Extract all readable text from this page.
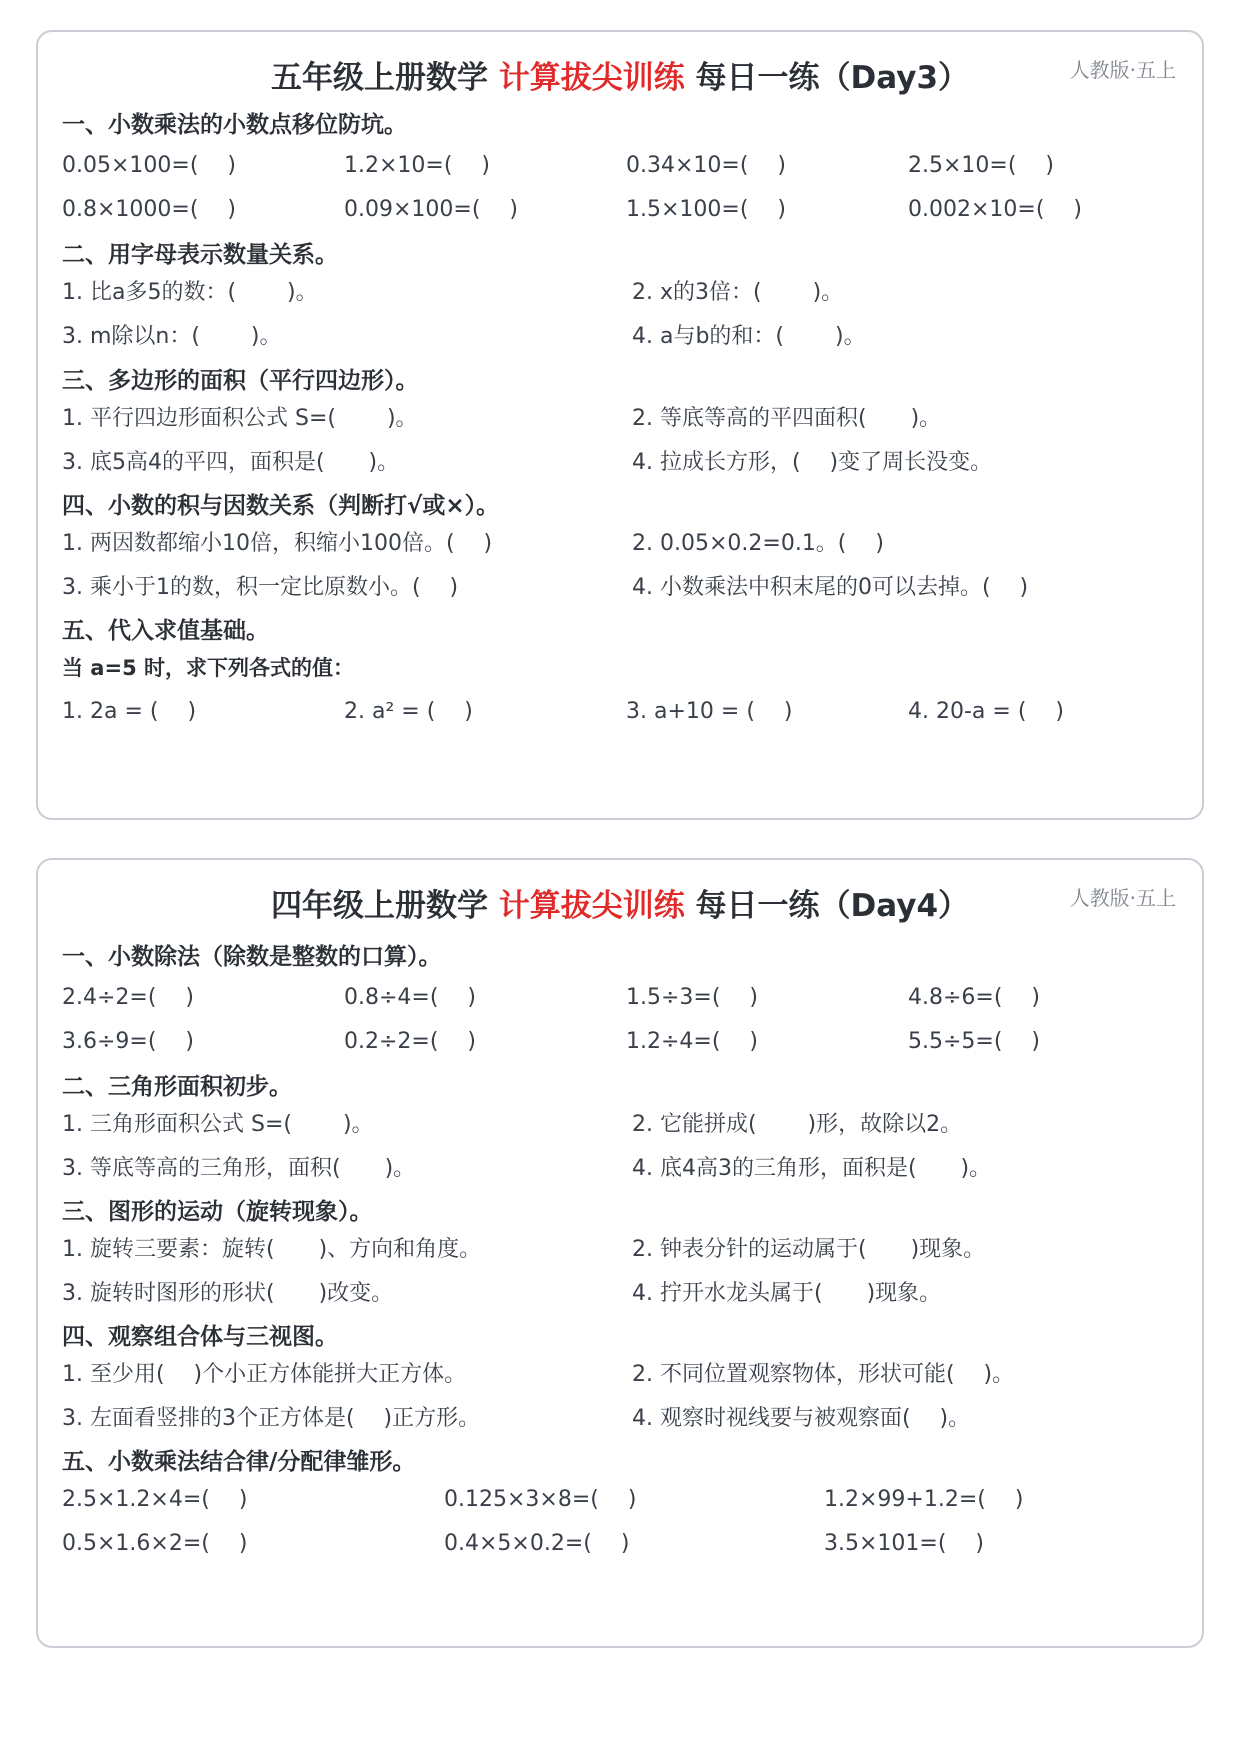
五年级上册数学 计算拔尖训练 每日一练（Day3）	人教版·五上
一、小数乘法的小数点移位防坑。
0.05×100=(　 )	1.2×10=(　 )	0.34×10=(　 )	2.5×10=(　 )
0.8×1000=(　 )	0.09×100=(　 )	1.5×100=(　 )	0.002×10=(　 )
二、用字母表示数量关系。
1. 比a多5的数：(　　 )。	2. x的3倍：(　　 )。
3. m除以n：(　　 )。	4. a与b的和：(　　 )。
三、多边形的面积（平行四边形）。
1. 平行四边形面积公式 S=(　　 )。	2. 等底等高的平四面积(　　)。
3. 底5高4的平四，面积是(　　)。	4. 拉成长方形，(　 )变了周长没变。
四、小数的积与因数关系（判断打√或×）。
1. 两因数都缩小10倍，积缩小100倍。(　 )	2. 0.05×0.2=0.1。(　 )
3. 乘小于1的数，积一定比原数小。(　 )	4. 小数乘法中积末尾的0可以去掉。(　 )
五、代入求值基础。
当 a=5 时，求下列各式的值：
1. 2a = (　 )	2. a² = (　 )	3. a+10 = (　 )	4. 20-a = (　 )
四年级上册数学 计算拔尖训练 每日一练（Day4）	人教版·五上
一、小数除法（除数是整数的口算）。
2.4÷2=(　 )	0.8÷4=(　 )	1.5÷3=(　 )	4.8÷6=(　 )
3.6÷9=(　 )	0.2÷2=(　 )	1.2÷4=(　 )	5.5÷5=(　 )
二、三角形面积初步。
1. 三角形面积公式 S=(　　 )。	2. 它能拼成(　　 )形，故除以2。
3. 等底等高的三角形，面积(　　)。	4. 底4高3的三角形，面积是(　　)。
三、图形的运动（旋转现象）。
1. 旋转三要素：旋转(　　)、方向和角度。	2. 钟表分针的运动属于(　　)现象。
3. 旋转时图形的形状(　　)改变。	4. 拧开水龙头属于(　　)现象。
四、观察组合体与三视图。
1. 至少用(　 )个小正方体能拼大正方体。	2. 不同位置观察物体，形状可能(　 )。
3. 左面看竖排的3个正方体是(　 )正方形。	4. 观察时视线要与被观察面(　 )。
五、小数乘法结合律/分配律雏形。
2.5×1.2×4=(　 )	0.125×3×8=(　 )	1.2×99+1.2=(　 )
0.5×1.6×2=(　 )	0.4×5×0.2=(　 )	3.5×101=(　 )
